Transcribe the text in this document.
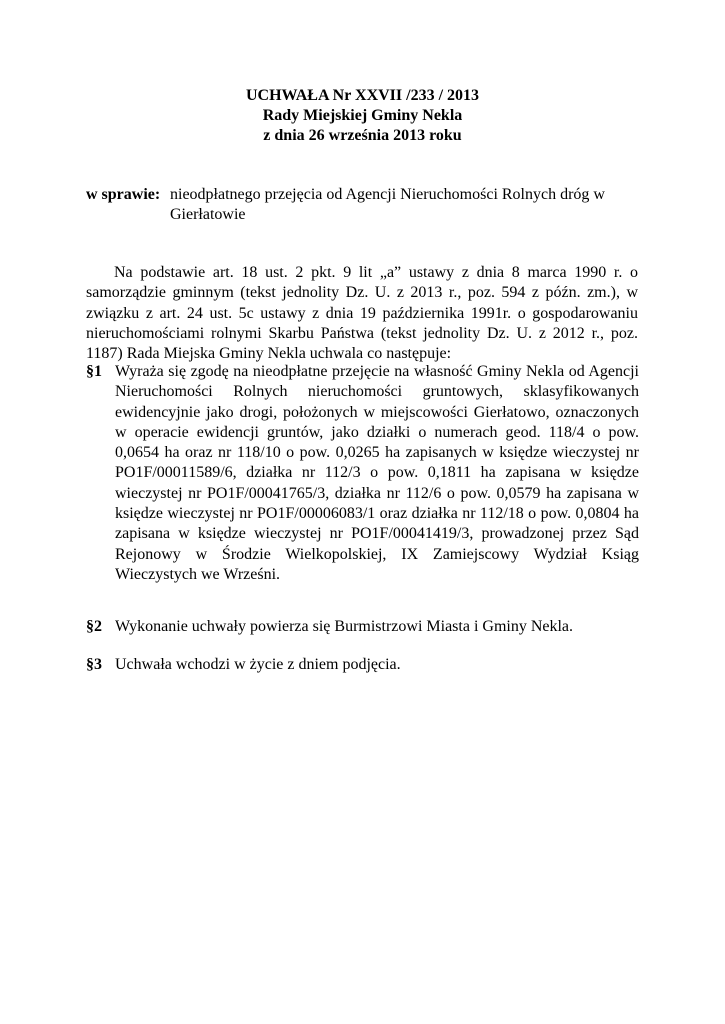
UCHWAŁA Nr XXVII /233 / 2013
Rady Miejskiej Gminy Nekla
z dnia 26 września 2013 roku
w sprawie: nieodpłatnego przejęcia od Agencji Nieruchomości Rolnych dróg w Gierłatowie

Na podstawie art. 18 ust. 2 pkt. 9 lit „a” ustawy z dnia 8 marca 1990 r. o samorządzie gminnym (tekst jednolity Dz. U. z 2013 r., poz. 594 z późn. zm.), w związku z art. 24 ust. 5c ustawy z dnia 19 października 1991r. o gospodarowaniu nieruchomościami rolnymi Skarbu Państwa (tekst jednolity Dz. U. z 2012 r., poz. 1187) Rada Miejska Gminy Nekla uchwala co następuje:

§1 Wyraża się zgodę na nieodpłatne przejęcie na własność Gminy Nekla od Agencji Nieruchomości Rolnych nieruchomości gruntowych, sklasyfikowanych ewidencyjnie jako drogi, położonych w miejscowości Gierłatowo, oznaczonych w operacie ewidencji gruntów, jako działki o numerach geod. 118/4 o pow. 0,0654 ha oraz nr 118/10 o pow. 0,0265 ha zapisanych w księdze wieczystej nr PO1F/00011589/6, działka nr 112/3 o pow. 0,1811 ha zapisana w księdze wieczystej nr PO1F/00041765/3, działka nr 112/6 o pow. 0,0579 ha zapisana w księdze wieczystej nr PO1F/00006083/1 oraz działka nr 112/18 o pow. 0,0804 ha zapisana w księdze wieczystej nr PO1F/00041419/3, prowadzonej przez Sąd Rejonowy w Środzie Wielkopolskiej, IX Zamiejscowy Wydział Ksiąg Wieczystych we Wrześni.

§2 Wykonanie uchwały powierza się Burmistrzowi Miasta i Gminy Nekla.

§3 Uchwała wchodzi w życie z dniem podjęcia.
